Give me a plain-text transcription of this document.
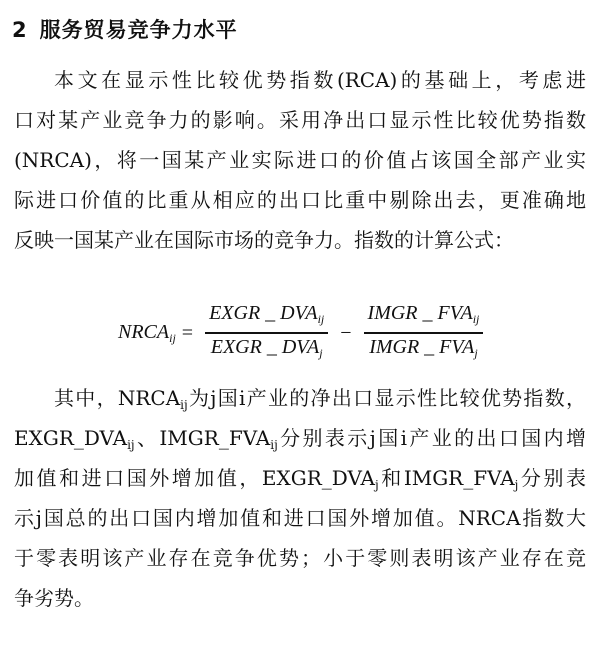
2 服务贸易竞争力水平
本文在显示性比较优势指数(RCA)的基础上，考虑进
口对某产业竞争力的影响。采用净出口显示性比较优势指数
(NRCA)，将一国某产业实际进口的价值占该国全部产业实
际进口价值的比重从相应的出口比重中剔除出去，更准确地
反映一国某产业在国际市场的竞争力。指数的计算公式：
$NRCA_{ij} = \frac{EXGR \_ DVA_{ij}}{EXGR \_ DVA_j} - \frac{IMGR \_ FVA_{ij}}{IMGR \_ FVA_j}$
其中，$NRCA_{ij}$为j国i产业的净出口显示性比较优势指数，
$EXGR\_DVA_{ij}$、$IMGR\_FVA_{ij}$分别表示j国i产业的出口国内增
加值和进口国外增加值，$EXGR\_DVA_j$和$IMGR\_FVA_j$分别表
示j国总的出口国内增加值和进口国外增加值。NRCA指数大
于零表明该产业存在竞争优势；小于零则表明该产业存在竞
争劣势。
